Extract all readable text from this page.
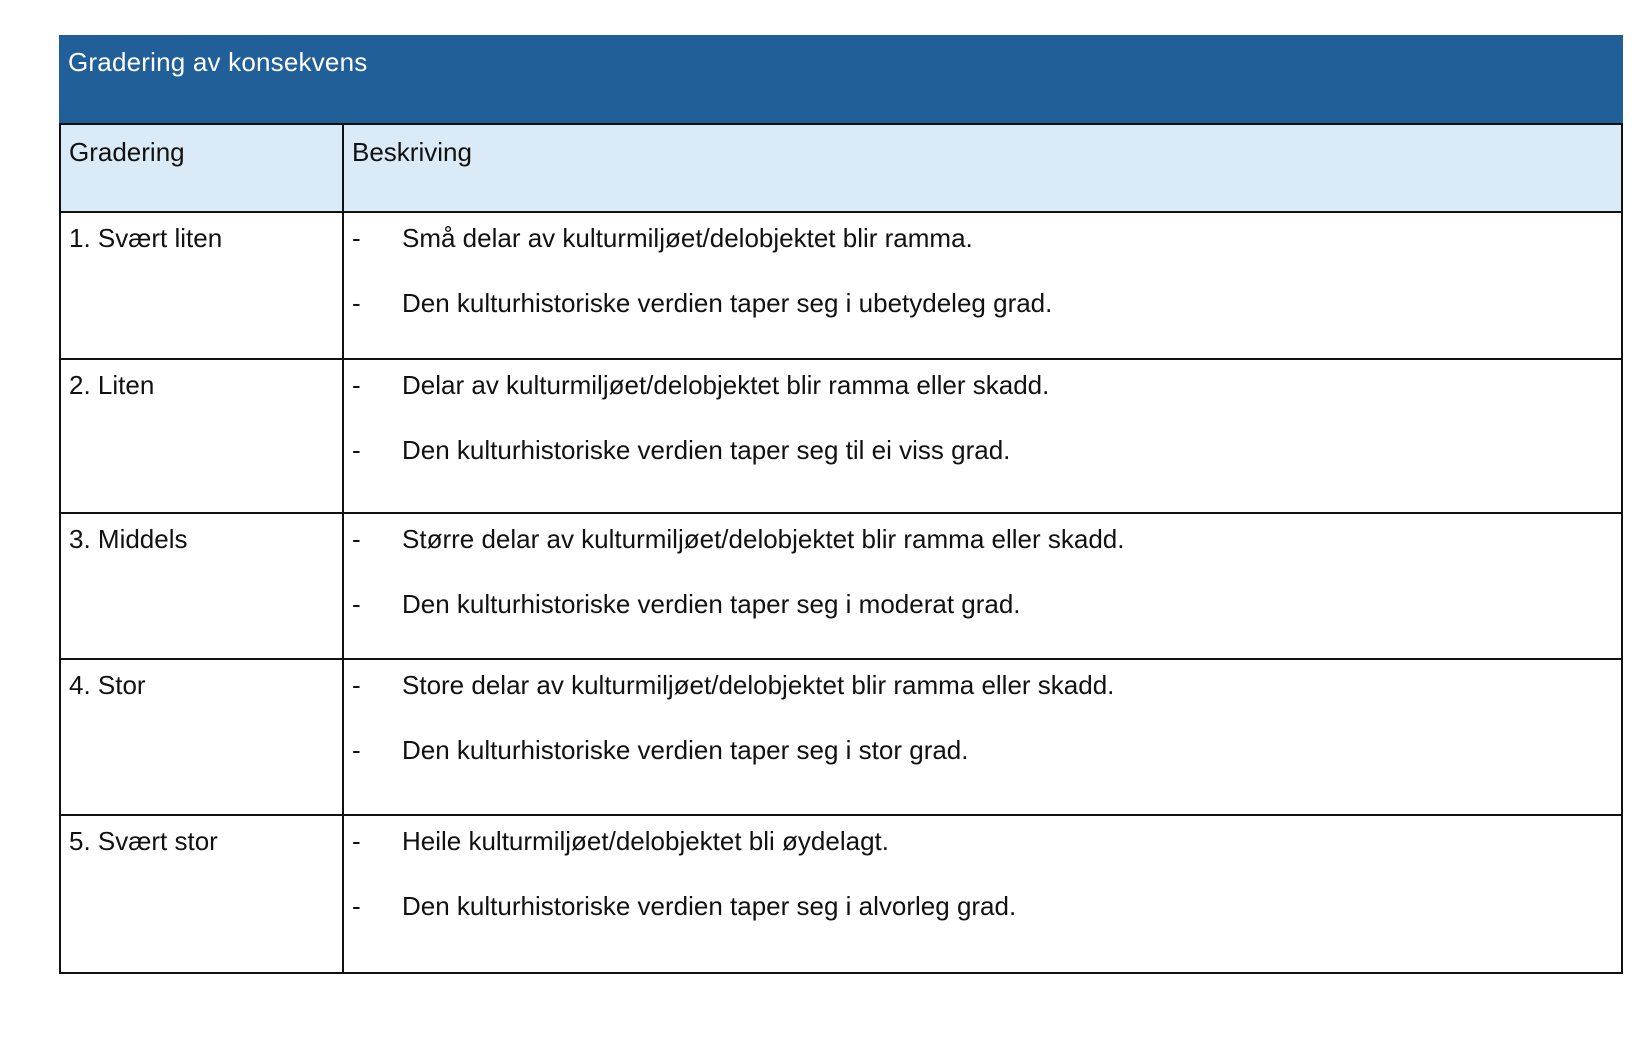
Gradering av konsekvens
Gradering	Beskriving
1. Svært liten	-	Små delar av kulturmiljøet/delobjektet blir ramma.
-	Den kulturhistoriske verdien taper seg i ubetydeleg grad.
2. Liten	-	Delar av kulturmiljøet/delobjektet blir ramma eller skadd.
-	Den kulturhistoriske verdien taper seg til ei viss grad.
3. Middels	-	Større delar av kulturmiljøet/delobjektet blir ramma eller skadd.
-	Den kulturhistoriske verdien taper seg i moderat grad.
4. Stor	-	Store delar av kulturmiljøet/delobjektet blir ramma eller skadd.
-	Den kulturhistoriske verdien taper seg i stor grad.
5. Svært stor	-	Heile kulturmiljøet/delobjektet bli øydelagt.
-	Den kulturhistoriske verdien taper seg i alvorleg grad.
